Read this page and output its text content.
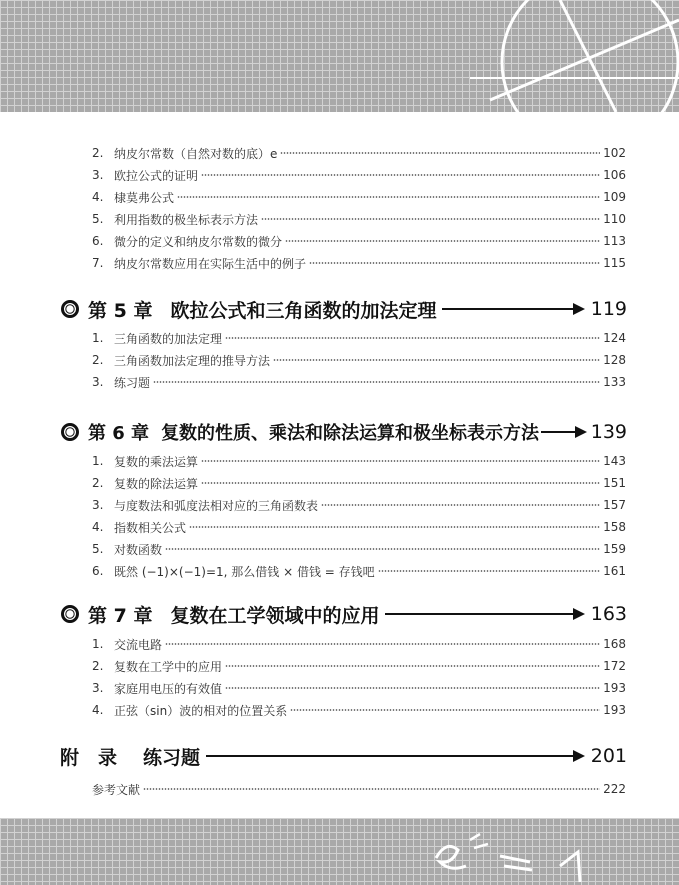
2. 纳皮尔常数（自然对数的底）e	102
3. 欧拉公式的证明	106
4. 棣莫弗公式	109
5. 利用指数的极坐标表示方法	110
6. 微分的定义和纳皮尔常数的微分	113
7. 纳皮尔常数应用在实际生活中的例子	115
第 5 章 欧拉公式和三角函数的加法定理	119
1. 三角函数的加法定理	124
2. 三角函数加法定理的推导方法	128
3. 练习题	133
第 6 章 复数的性质、乘法和除法运算和极坐标表示方法	139
1. 复数的乘法运算	143
2. 复数的除法运算	151
3. 与度数法和弧度法相对应的三角函数表	157
4. 指数相关公式	158
5. 对数函数	159
6. 既然 (−1)×(−1)=1, 那么借钱 × 借钱 = 存钱吧	161
第 7 章 复数在工学领域中的应用	163
1. 交流电路	168
2. 复数在工学中的应用	172
3. 家庭用电压的有效值	193
4. 正弦（sin）波的相对的位置关系	193
附　录 练习题	201
参考文献	222
